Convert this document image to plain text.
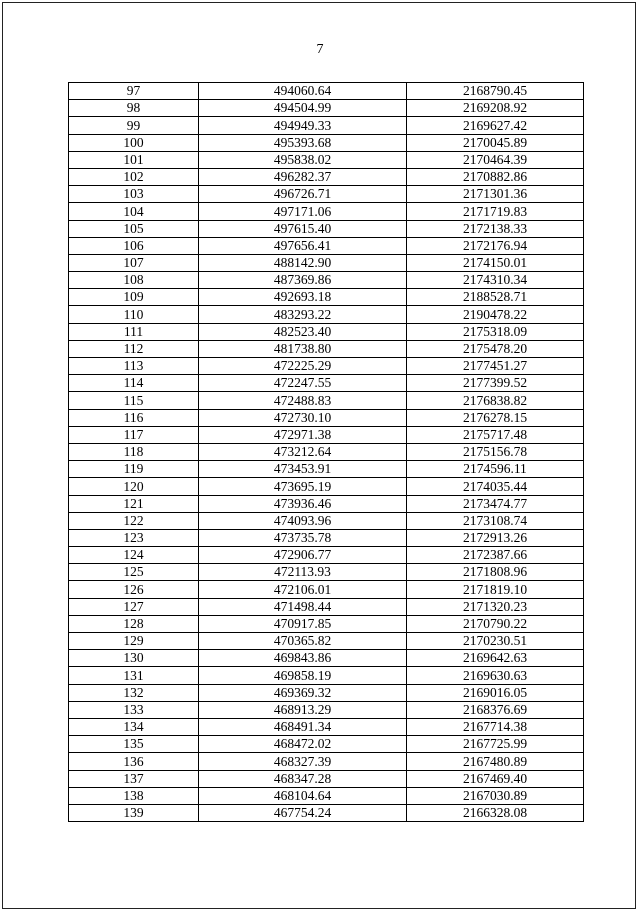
7
97	494060.64	2168790.45
98	494504.99	2169208.92
99	494949.33	2169627.42
100	495393.68	2170045.89
101	495838.02	2170464.39
102	496282.37	2170882.86
103	496726.71	2171301.36
104	497171.06	2171719.83
105	497615.40	2172138.33
106	497656.41	2172176.94
107	488142.90	2174150.01
108	487369.86	2174310.34
109	492693.18	2188528.71
110	483293.22	2190478.22
111	482523.40	2175318.09
112	481738.80	2175478.20
113	472225.29	2177451.27
114	472247.55	2177399.52
115	472488.83	2176838.82
116	472730.10	2176278.15
117	472971.38	2175717.48
118	473212.64	2175156.78
119	473453.91	2174596.11
120	473695.19	2174035.44
121	473936.46	2173474.77
122	474093.96	2173108.74
123	473735.78	2172913.26
124	472906.77	2172387.66
125	472113.93	2171808.96
126	472106.01	2171819.10
127	471498.44	2171320.23
128	470917.85	2170790.22
129	470365.82	2170230.51
130	469843.86	2169642.63
131	469858.19	2169630.63
132	469369.32	2169016.05
133	468913.29	2168376.69
134	468491.34	2167714.38
135	468472.02	2167725.99
136	468327.39	2167480.89
137	468347.28	2167469.40
138	468104.64	2167030.89
139	467754.24	2166328.08
